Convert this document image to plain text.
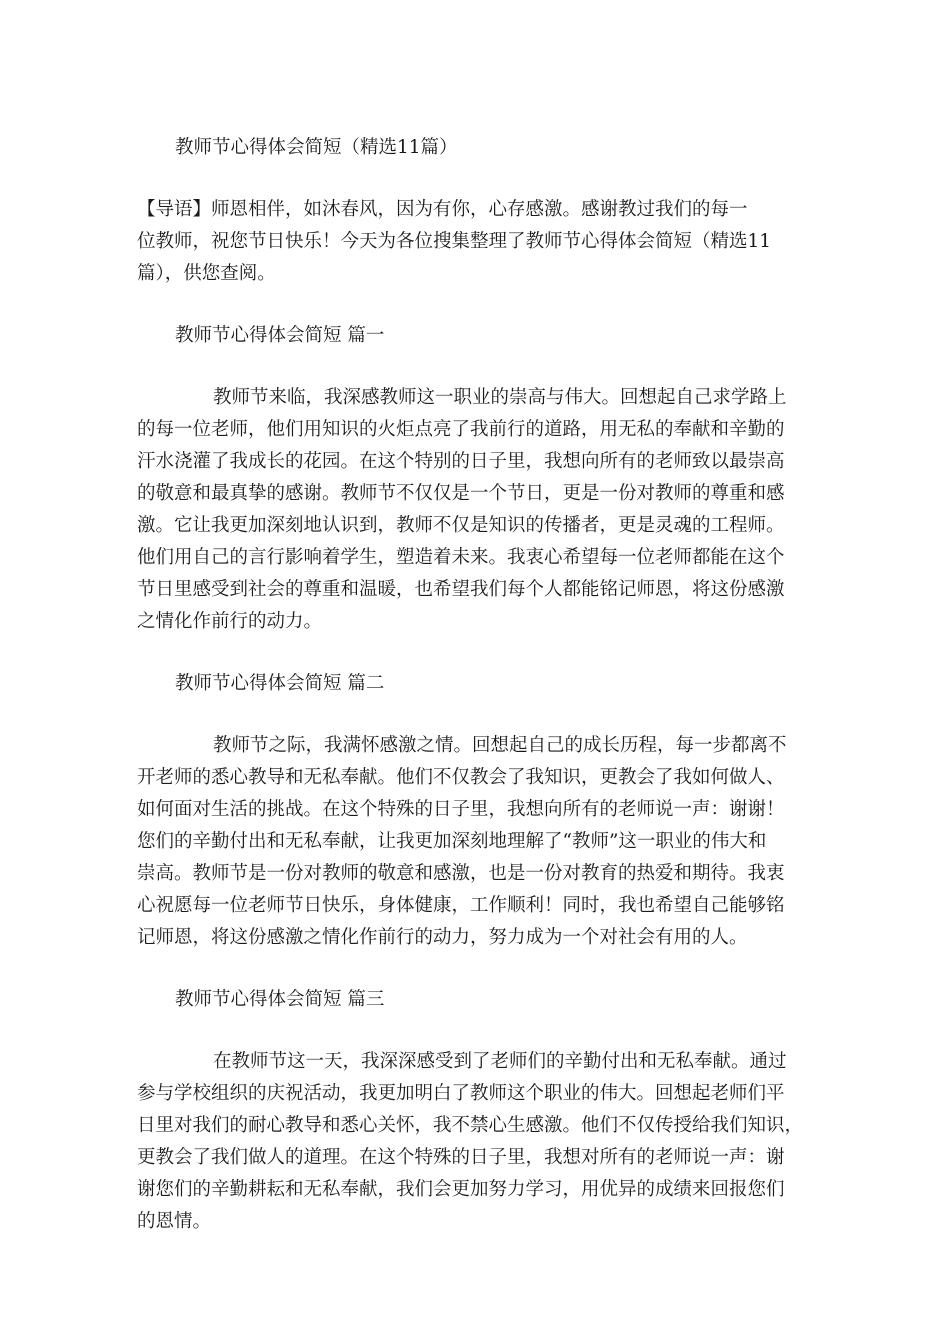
教师节心得体会简短（精选11篇）
【导语】师恩相伴，如沐春风，因为有你，心存感激。感谢教过我们的每一
位教师，祝您节日快乐！今天为各位搜集整理了教师节心得体会简短（精选11
篇），供您查阅。
教师节心得体会简短 篇一
教师节来临，我深感教师这一职业的崇高与伟大。回想起自己求学路上
的每一位老师，他们用知识的火炬点亮了我前行的道路，用无私的奉献和辛勤的
汗水浇灌了我成长的花园。在这个特别的日子里，我想向所有的老师致以最崇高
的敬意和最真挚的感谢。教师节不仅仅是一个节日，更是一份对教师的尊重和感
激。它让我更加深刻地认识到，教师不仅是知识的传播者，更是灵魂的工程师。
他们用自己的言行影响着学生，塑造着未来。我衷心希望每一位老师都能在这个
节日里感受到社会的尊重和温暖，也希望我们每个人都能铭记师恩，将这份感激
之情化作前行的动力。
教师节心得体会简短 篇二
教师节之际，我满怀感激之情。回想起自己的成长历程，每一步都离不
开老师的悉心教导和无私奉献。他们不仅教会了我知识，更教会了我如何做人、
如何面对生活的挑战。在这个特殊的日子里，我想向所有的老师说一声：谢谢！
您们的辛勤付出和无私奉献，让我更加深刻地理解了“教师”这一职业的伟大和
崇高。教师节是一份对教师的敬意和感激，也是一份对教育的热爱和期待。我衷
心祝愿每一位老师节日快乐，身体健康，工作顺利！同时，我也希望自己能够铭
记师恩，将这份感激之情化作前行的动力，努力成为一个对社会有用的人。
教师节心得体会简短 篇三
在教师节这一天，我深深感受到了老师们的辛勤付出和无私奉献。通过
参与学校组织的庆祝活动，我更加明白了教师这个职业的伟大。回想起老师们平
日里对我们的耐心教导和悉心关怀，我不禁心生感激。他们不仅传授给我们知识，
更教会了我们做人的道理。在这个特殊的日子里，我想对所有的老师说一声：谢
谢您们的辛勤耕耘和无私奉献，我们会更加努力学习，用优异的成绩来回报您们
的恩情。
